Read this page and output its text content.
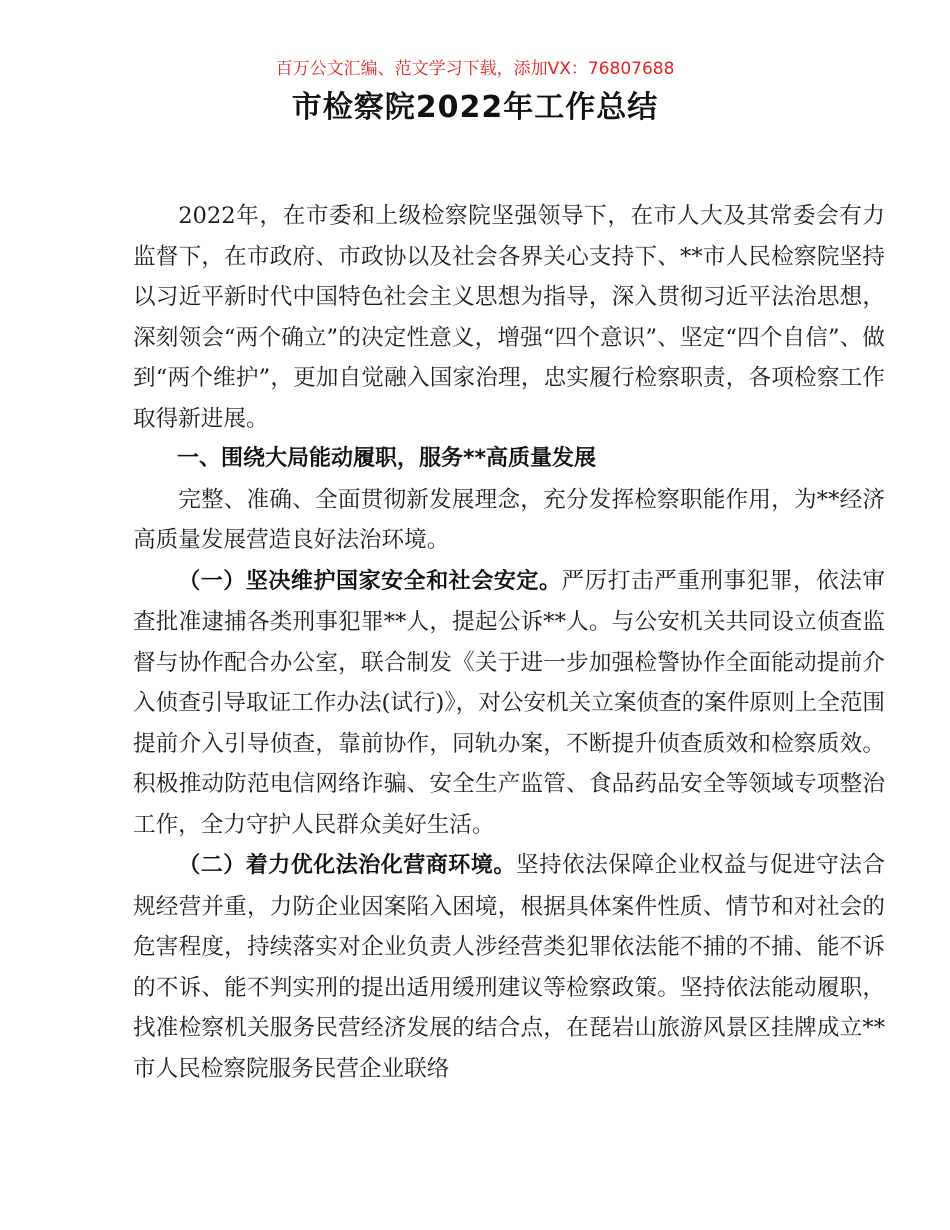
百万公文汇编、范文学习下载，添加VX：76807688
市检察院2022年工作总结

2022年，在市委和上级检察院坚强领导下，在市人大及其常委会有力监督下，在市政府、市政协以及社会各界关心支持下、**市人民检察院坚持以习近平新时代中国特色社会主义思想为指导，深入贯彻习近平法治思想，深刻领会“两个确立”的决定性意义，增强“四个意识”、坚定“四个自信”、做到“两个维护”，更加自觉融入国家治理，忠实履行检察职责，各项检察工作取得新进展。

一、围绕大局能动履职，服务**高质量发展

完整、准确、全面贯彻新发展理念，充分发挥检察职能作用，为**经济高质量发展营造良好法治环境。

（一）坚决维护国家安全和社会安定。严厉打击严重刑事犯罪，依法审查批准逮捕各类刑事犯罪**人，提起公诉**人。与公安机关共同设立侦查监督与协作配合办公室，联合制发《关于进一步加强检警协作全面能动提前介入侦查引导取证工作办法(试行)》，对公安机关立案侦查的案件原则上全范围提前介入引导侦查，靠前协作，同轨办案，不断提升侦查质效和检察质效。积极推动防范电信网络诈骗、安全生产监管、食品药品安全等领域专项整治工作，全力守护人民群众美好生活。

（二）着力优化法治化营商环境。坚持依法保障企业权益与促进守法合规经营并重，力防企业因案陷入困境，根据具体案件性质、情节和对社会的危害程度，持续落实对企业负责人涉经营类犯罪依法能不捕的不捕、能不诉的不诉、能不判实刑的提出适用缓刑建议等检察政策。坚持依法能动履职，找准检察机关服务民营经济发展的结合点，在琵岩山旅游风景区挂牌成立**市人民检察院服务民营企业联络
